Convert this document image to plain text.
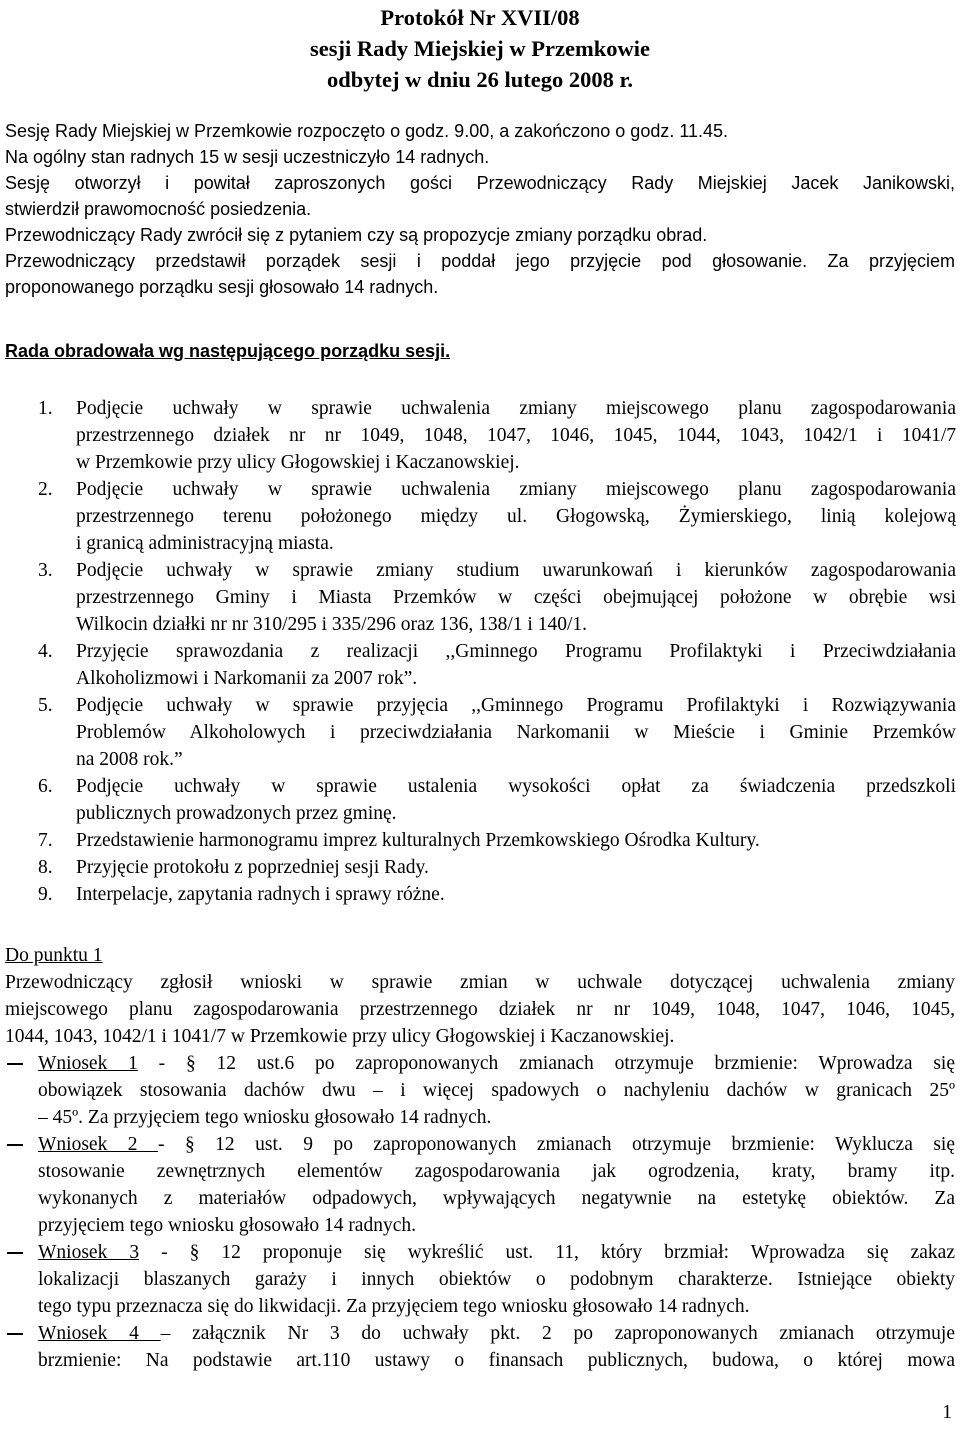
Protokół Nr XVII/08
sesji Rady Miejskiej w Przemkowie
odbytej w dniu 26 lutego 2008 r.
Sesję Rady Miejskiej w Przemkowie rozpoczęto o godz. 9.00, a zakończono o godz. 11.45.
Na ogólny stan radnych 15 w sesji uczestniczyło 14 radnych.
Sesję otworzył i powitał zaproszonych gości Przewodniczący Rady Miejskiej Jacek Janikowski,
stwierdził prawomocność posiedzenia.
Przewodniczący Rady zwrócił się z pytaniem czy są propozycje zmiany porządku obrad.
Przewodniczący przedstawił porządek sesji i poddał jego przyjęcie pod głosowanie. Za przyjęciem
proponowanego porządku sesji głosowało 14 radnych.
Rada obradowała wg następującego porządku sesji.
1.	Podjęcie uchwały w sprawie uchwalenia zmiany miejscowego planu zagospodarowania
przestrzennego działek nr nr 1049, 1048, 1047, 1046, 1045, 1044, 1043, 1042/1 i 1041/7
w Przemkowie przy ulicy Głogowskiej i Kaczanowskiej.
2.	Podjęcie uchwały w sprawie uchwalenia zmiany miejscowego planu zagospodarowania
przestrzennego terenu położonego między ul. Głogowską, Żymierskiego, linią kolejową
i granicą administracyjną miasta.
3.	Podjęcie uchwały w sprawie zmiany studium uwarunkowań i kierunków zagospodarowania
przestrzennego Gminy i Miasta Przemków w części obejmującej położone w obrębie wsi
Wilkocin działki nr nr 310/295 i 335/296 oraz 136, 138/1 i 140/1.
4.	Przyjęcie sprawozdania z realizacji ,,Gminnego Programu Profilaktyki i Przeciwdziałania
Alkoholizmowi i Narkomanii za 2007 rok”.
5.	Podjęcie uchwały w sprawie przyjęcia ,,Gminnego Programu Profilaktyki i Rozwiązywania
Problemów Alkoholowych i przeciwdziałania Narkomanii w Mieście i Gminie Przemków
na 2008 rok.”
6.	Podjęcie uchwały w sprawie ustalenia wysokości opłat za świadczenia przedszkoli
publicznych prowadzonych przez gminę.
7.	Przedstawienie harmonogramu imprez kulturalnych Przemkowskiego Ośrodka Kultury.
8.	Przyjęcie protokołu z poprzedniej sesji Rady.
9.	Interpelacje, zapytania radnych i sprawy różne.
Do punktu 1
Przewodniczący zgłosił wnioski w sprawie zmian w uchwale dotyczącej uchwalenia zmiany
miejscowego planu zagospodarowania przestrzennego działek nr nr 1049, 1048, 1047, 1046, 1045,
1044, 1043, 1042/1 i 1041/7 w Przemkowie przy ulicy Głogowskiej i Kaczanowskiej.
Wniosek 1 - § 12 ust.6 po zaproponowanych zmianach otrzymuje brzmienie: Wprowadza się
obowiązek stosowania dachów dwu – i więcej spadowych o nachyleniu dachów w granicach 25º
– 45º. Za przyjęciem tego wniosku głosowało 14 radnych.
Wniosek 2 - § 12 ust. 9 po zaproponowanych zmianach otrzymuje brzmienie: Wyklucza się
stosowanie zewnętrznych elementów zagospodarowania jak ogrodzenia, kraty, bramy itp.
wykonanych z materiałów odpadowych, wpływających negatywnie na estetykę obiektów. Za
przyjęciem tego wniosku głosowało 14 radnych.
Wniosek 3 - § 12 proponuje się wykreślić ust. 11, który brzmiał: Wprowadza się zakaz
lokalizacji blaszanych garaży i innych obiektów o podobnym charakterze. Istniejące obiekty
tego typu przeznacza się do likwidacji. Za przyjęciem tego wniosku głosowało 14 radnych.
Wniosek 4 – załącznik Nr 3 do uchwały pkt. 2 po zaproponowanych zmianach otrzymuje
brzmienie: Na podstawie art.110 ustawy o finansach publicznych, budowa, o której mowa
1
